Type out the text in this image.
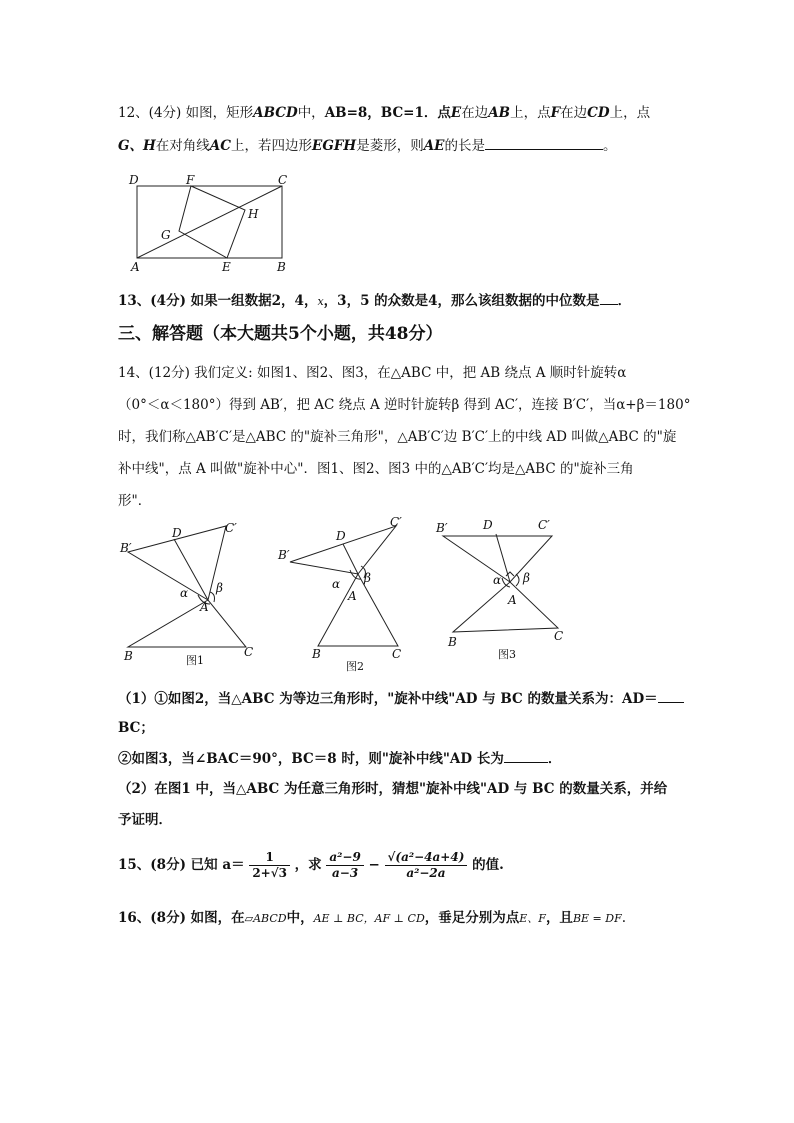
12、(4分) 如图，矩形ABCD中，AB=8，BC=1．点E在边AB上，点F在边CD上，点
G、H在对角线AC上，若四边形EGFH是菱形，则AE的长是	。
D	F	C
G
H
A	E	B
13、(4分) 如果一组数据2，4，x，3，5 的众数是4，那么该组数据的中位数是 ．
三、解答题（本大题共5个小题，共48分）
14、(12分) 我们定义: 如图1、图2、图3，在△ABC 中，把 AB 绕点 A 顺时针旋转α
（0°＜α＜180°）得到 AB′，把 AC 绕点 A 逆时针旋转β 得到 AC′，连接 B′C′，当α+β＝180°
时，我们称△AB′C′是△ABC 的"旋补三角形"，△AB′C′边 B′C′上的中线 AD 叫做△ABC 的"旋
补中线"，点 A 叫做"旋补中心"．图1、图2、图3 中的△AB′C′均是△ABC 的"旋补三角
形"．
B′
D	C′
α β
A
B	C
图1
B′
D
C′
α β
A
B	C
图2
B′	D	C′
α β
A
B	C
图3
（1）①如图2，当△ABC 为等边三角形时，"旋补中线"AD 与 BC 的数量关系为：AD＝
BC；
②如图3，当∠BAC＝90°，BC＝8 时，则"旋补中线"AD 长为	．
（2）在图1 中，当△ABC 为任意三角形时，猜想"旋补中线"AD 与 BC 的数量关系，并给
予证明．
15、(8分) 已知 $a= \frac{1}{2+√3}$ ，求 $\frac{\text{a²−9}}{a-3} - \frac{\text{√(a²−4a+4)}}{\text{a²−2a}}$ 的值.
16、(8分) 如图，在▱ABCD中，AE ⊥ BC，AF ⊥ CD，垂足分别为点E、F，且BE = DF.
